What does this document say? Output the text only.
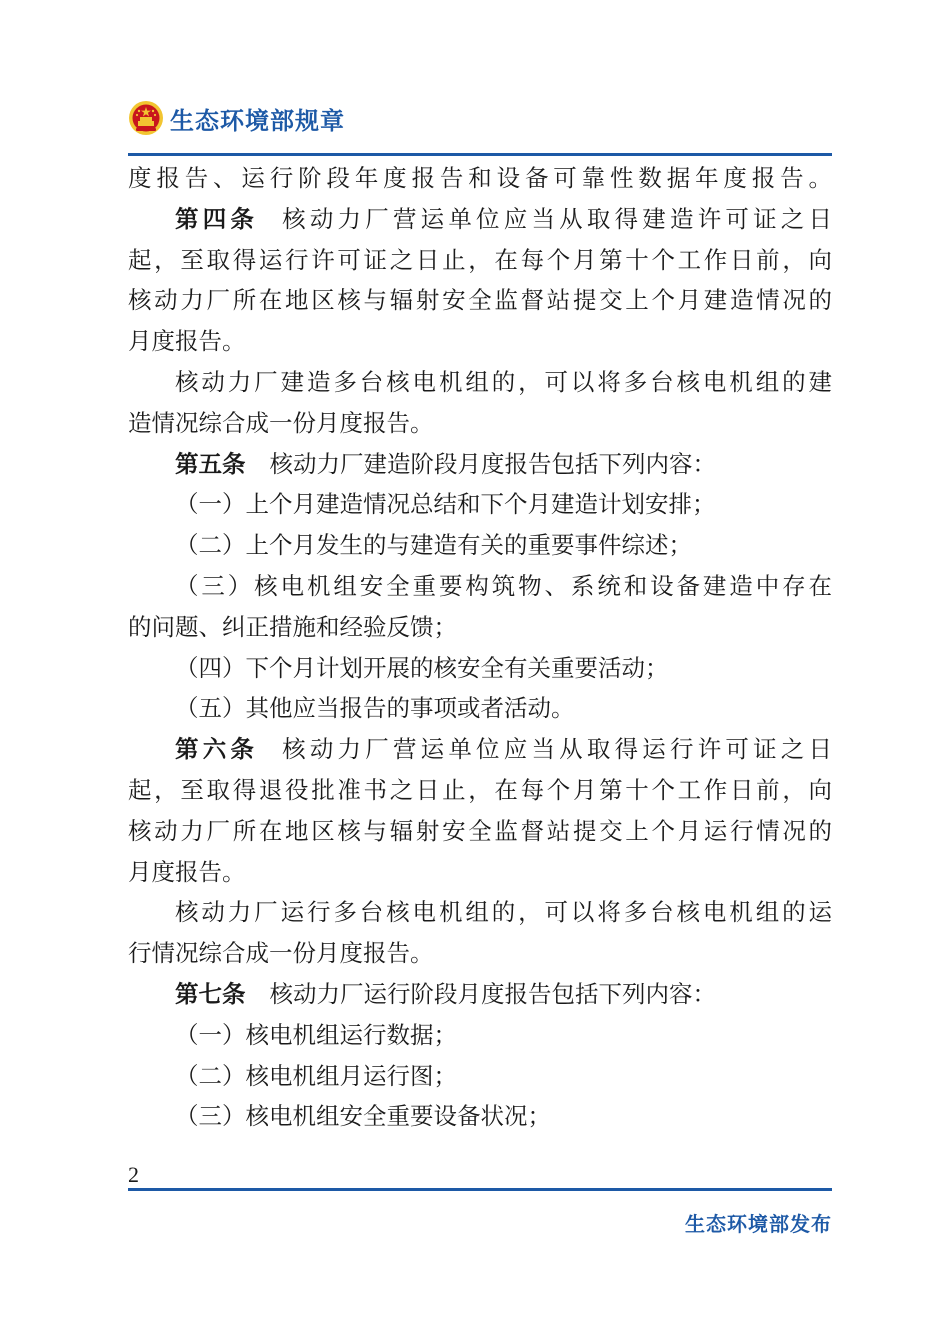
生态环境部规章
度报告、运行阶段年度报告和设备可靠性数据年度报告。
第四条 核动力厂营运单位应当从取得建造许可证之日
起，至取得运行许可证之日止，在每个月第十个工作日前，向
核动力厂所在地区核与辐射安全监督站提交上个月建造情况的
月度报告。
核动力厂建造多台核电机组的，可以将多台核电机组的建
造情况综合成一份月度报告。
第五条 核动力厂建造阶段月度报告包括下列内容：
（一）上个月建造情况总结和下个月建造计划安排；
（二）上个月发生的与建造有关的重要事件综述；
（三）核电机组安全重要构筑物、系统和设备建造中存在
的问题、纠正措施和经验反馈；
（四）下个月计划开展的核安全有关重要活动；
（五）其他应当报告的事项或者活动。
第六条 核动力厂营运单位应当从取得运行许可证之日
起，至取得退役批准书之日止，在每个月第十个工作日前，向
核动力厂所在地区核与辐射安全监督站提交上个月运行情况的
月度报告。
核动力厂运行多台核电机组的，可以将多台核电机组的运
行情况综合成一份月度报告。
第七条 核动力厂运行阶段月度报告包括下列内容：
（一）核电机组运行数据；
（二）核电机组月运行图；
（三）核电机组安全重要设备状况；
2
生态环境部发布
